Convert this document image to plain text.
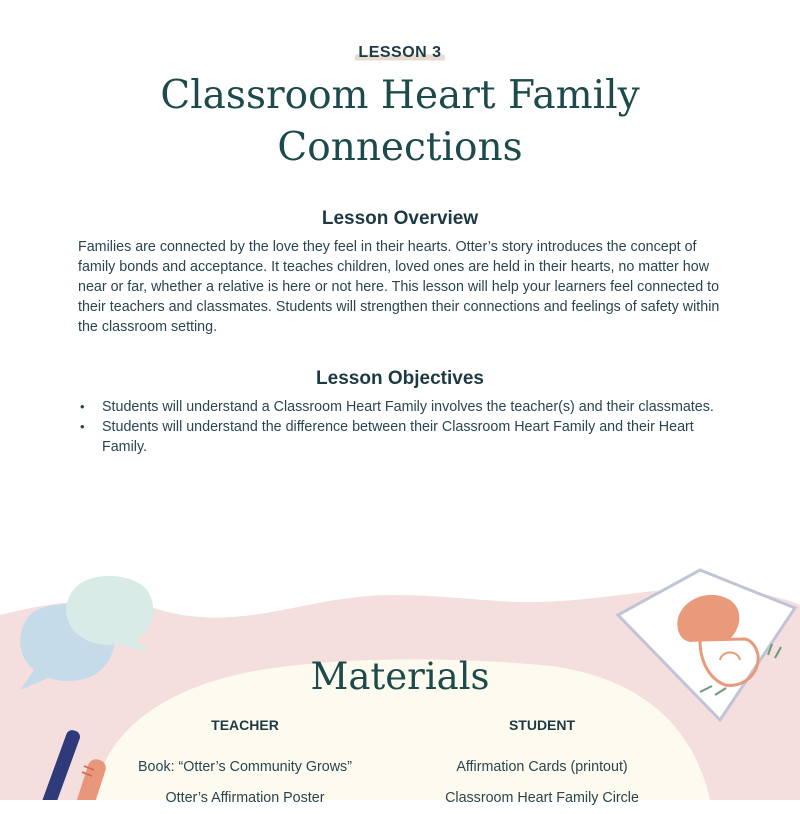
LESSON 3
Classroom Heart Family
Connections
Lesson Overview

Families are connected by the love they feel in their hearts. Otter’s story introduces the concept of family bonds and acceptance. It teaches children, loved ones are held in their hearts, no matter how near or far, whether a relative is here or not here. This lesson will help your learners feel connected to their teachers and classmates. Students will strengthen their connections and feelings of safety within the classroom setting.

Lesson Objectives
• Students will understand a Classroom Heart Family involves the teacher(s) and their classmates.
• Students will understand the difference between their Classroom Heart Family and their Heart Family.
Materials
TEACHER	STUDENT
Book: “Otter’s Community Grows”
Otter’s Affirmation Poster
Affirmation Cards (printout)
Classroom Heart Family Circle
